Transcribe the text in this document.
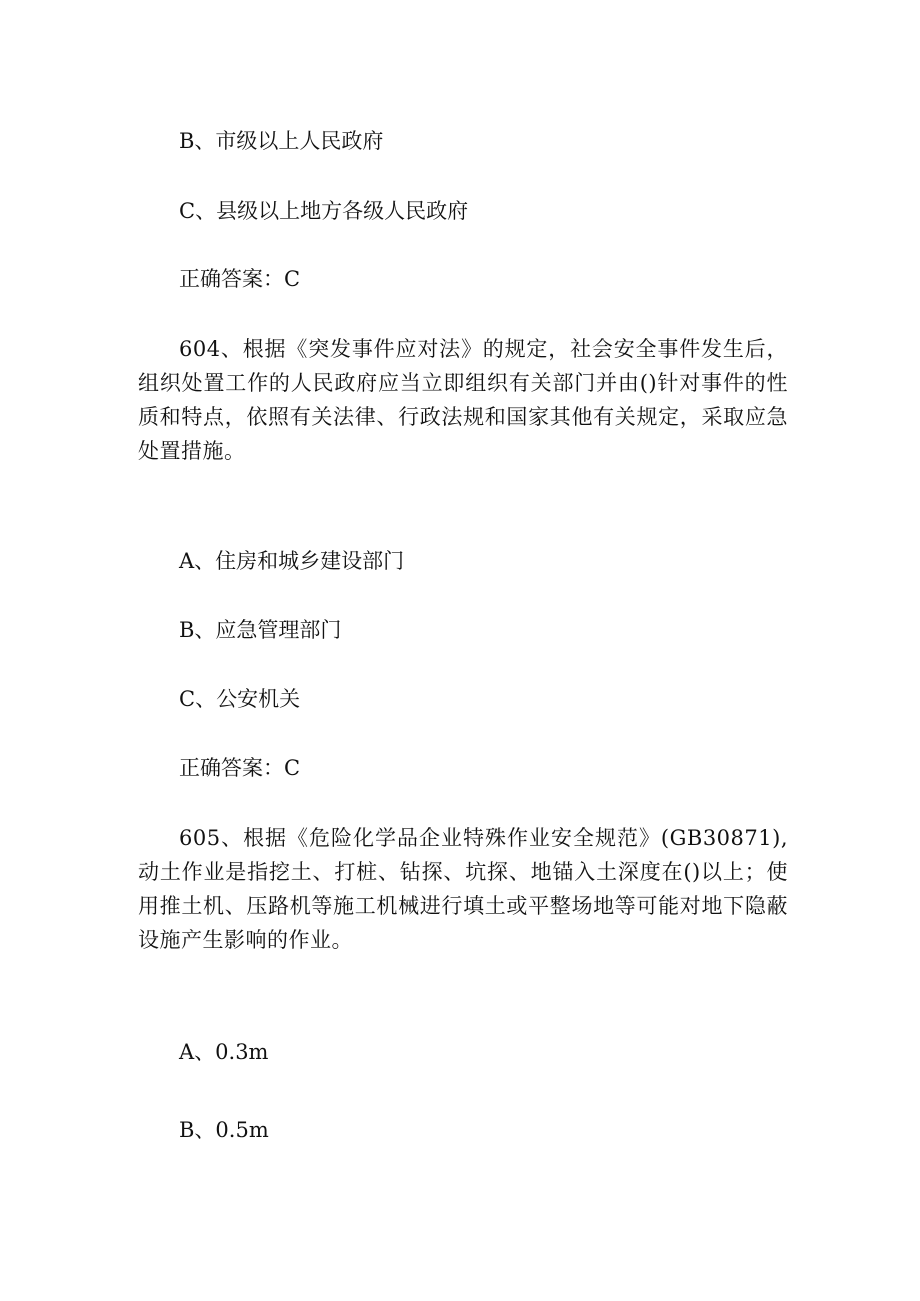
B、市级以上人民政府
C、县级以上地方各级人民政府
正确答案：C
604、根据《突发事件应对法》的规定，社会安全事件发生后，组织处置工作的人民政府应当立即组织有关部门并由()针对事件的性质和特点，依照有关法律、行政法规和国家其他有关规定，采取应急处置措施。
A、住房和城乡建设部门
B、应急管理部门
C、公安机关
正确答案：C
605、根据《危险化学品企业特殊作业安全规范》(GB30871),动土作业是指挖土、打桩、钻探、坑探、地锚入土深度在()以上；使用推土机、压路机等施工机械进行填土或平整场地等可能对地下隐蔽设施产生影响的作业。
A、0.3m
B、0.5m
